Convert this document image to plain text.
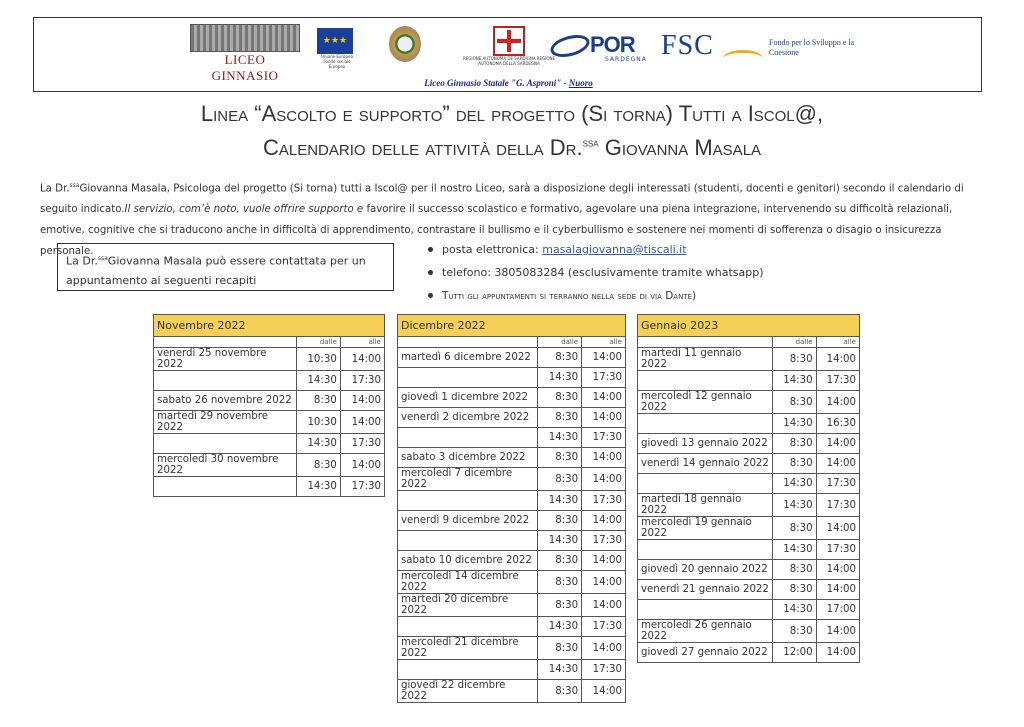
LICEO GINNASIO
★★★
Unione Europea Fondo sociale Europeo
REGIONE AUTONOMA DE SARDIGNA REGIONE AUTONOMA DELLA SARDEGNA
POR
SARDEGNA FSC	Fondo per lo Sviluppo e la Coesione
Liceo Ginnasio Statale "G. Asproni" - Nuoro
Linea “Ascolto e supporto” del progetto (Si torna) Tutti a Iscol@,
Calendario delle attività della Dr.$^{ssa}$ Giovanna Masala
La Dr.$^{ssa}$Giovanna Masala, Psicologa del progetto (Si torna) tutti a Iscol@ per il nostro Liceo, sarà a disposizione degli interessati (studenti, docenti e genitori) secondo il calendario di seguito indicato.Il servizio, com’è noto, vuole offrire supporto e favorire il successo scolastico e formativo, agevolare una piena integrazione, intervenendo su difficoltà relazionali, emotive, cognitive che si traducono anche in difficoltà di apprendimento, contrastare il bullismo e il cyberbullismo e sostenere nei momenti di sofferenza o disagio o insicurezza personale.
La Dr.$^{ssa}$Giovanna Masala può essere contattata per un appuntamento ai seguenti recapiti
posta elettronica: masalagiovanna@tiscali.it
telefono: 3805083284 (esclusivamente tramite whatsapp)
Tutti gli appuntamenti si terranno nella sede di via Dante)
Novembre 2022		
	dalle	alle
venerdì 25 novembre 2022	10:30	14:00
	14:30	17:30
sabato 26 novembre 2022	8:30	14:00
martedì 29 novembre 2022	10:30	14:00
	14:30	17:30
mercoledì 30 novembre 2022	8:30	14:00
	14:30	17:30
Dicembre 2022		
	dalle	alle
martedì 6 dicembre 2022	8:30	14:00
	14:30	17:30
giovedì 1 dicembre 2022	8:30	14:00
venerdì 2 dicembre 2022	8:30	14:00
	14:30	17:30
sabato 3 dicembre 2022	8:30	14:00
mercoledì 7 dicembre 2022	8:30	14:00
	14:30	17:30
venerdì 9 dicembre 2022	8:30	14:00
	14:30	17:30
sabato 10 dicembre 2022	8:30	14:00
mercoledì 14 dicembre 2022	8:30	14:00
martedì 20 dicembre 2022	8:30	14:00
	14:30	17:30
mercoledì 21 dicembre 2022	8:30	14:00
	14:30	17:30
giovedì 22 dicembre 2022	8:30	14:00
Gennaio 2023		
	dalle	alle
martedì 11 gennaio 2022	8:30	14:00
	14:30	17:30
mercoledì 12 gennaio 2022	8:30	14:00
	14:30	16:30
giovedì 13 gennaio 2022	8:30	14:00
venerdì 14 gennaio 2022	8:30	14:00
	14:30	17:30
martedì 18 gennaio 2022	14:30	17:30
mercoledì 19 gennaio 2022	8:30	14:00
	14:30	17:30
giovedì 20 gennaio 2022	8:30	14:00
venerdì 21 gennaio 2022	8:30	14:00
	14:30	17:00
mercoledì 26 gennaio 2022	8:30	14:00
giovedì 27 gennaio 2022	12:00	14:00
